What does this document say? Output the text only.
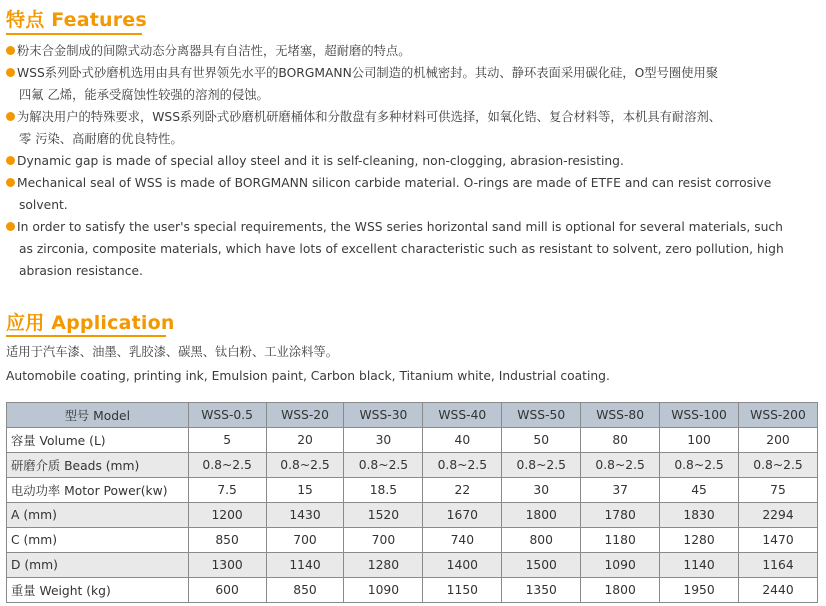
特点 Features
粉末合金制成的间隙式动态分离器具有自洁性，无堵塞，超耐磨的特点。
WSS系列卧式砂磨机选用由具有世界领先水平的BORGMANN公司制造的机械密封。其动、静环表面采用碳化硅，O型号圈使用聚
四氟 乙烯，能承受腐蚀性较强的溶剂的侵蚀。
为解决用户的特殊要求，WSS系列卧式砂磨机研磨桶体和分散盘有多种材料可供选择，如氧化锆、复合材料等，本机具有耐溶剂、
零 污染、高耐磨的优良特性。
Dynamic gap is made of special alloy steel and it is self-cleaning, non-clogging, abrasion-resisting.
Mechanical seal of WSS is made of BORGMANN silicon carbide material. O-rings are made of ETFE and can resist corrosive
solvent.
In order to satisfy the user's special requirements, the WSS series horizontal sand mill is optional for several materials, such
as zirconia, composite materials, which have lots of excellent characteristic such as resistant to solvent, zero pollution, high
abrasion resistance.
应用 Application
适用于汽车漆、油墨、乳胶漆、碳黑、钛白粉、工业涂料等。
Automobile coating, printing ink, Emulsion paint, Carbon black, Titanium white, Industrial coating.
型号 Model	WSS-0.5	WSS-20	WSS-30	WSS-40	WSS-50	WSS-80	WSS-100	WSS-200
容量 Volume (L)	5	20	30	40	50	80	100	200
研磨介质 Beads (mm)	0.8~2.5	0.8~2.5	0.8~2.5	0.8~2.5	0.8~2.5	0.8~2.5	0.8~2.5	0.8~2.5
电动功率 Motor Power(kw)	7.5	15	18.5	22	30	37	45	75
A (mm)	1200	1430	1520	1670	1800	1780	1830	2294
C (mm)	850	700	700	740	800	1180	1280	1470
D (mm)	1300	1140	1280	1400	1500	1090	1140	1164
重量 Weight (kg)	600	850	1090	1150	1350	1800	1950	2440
